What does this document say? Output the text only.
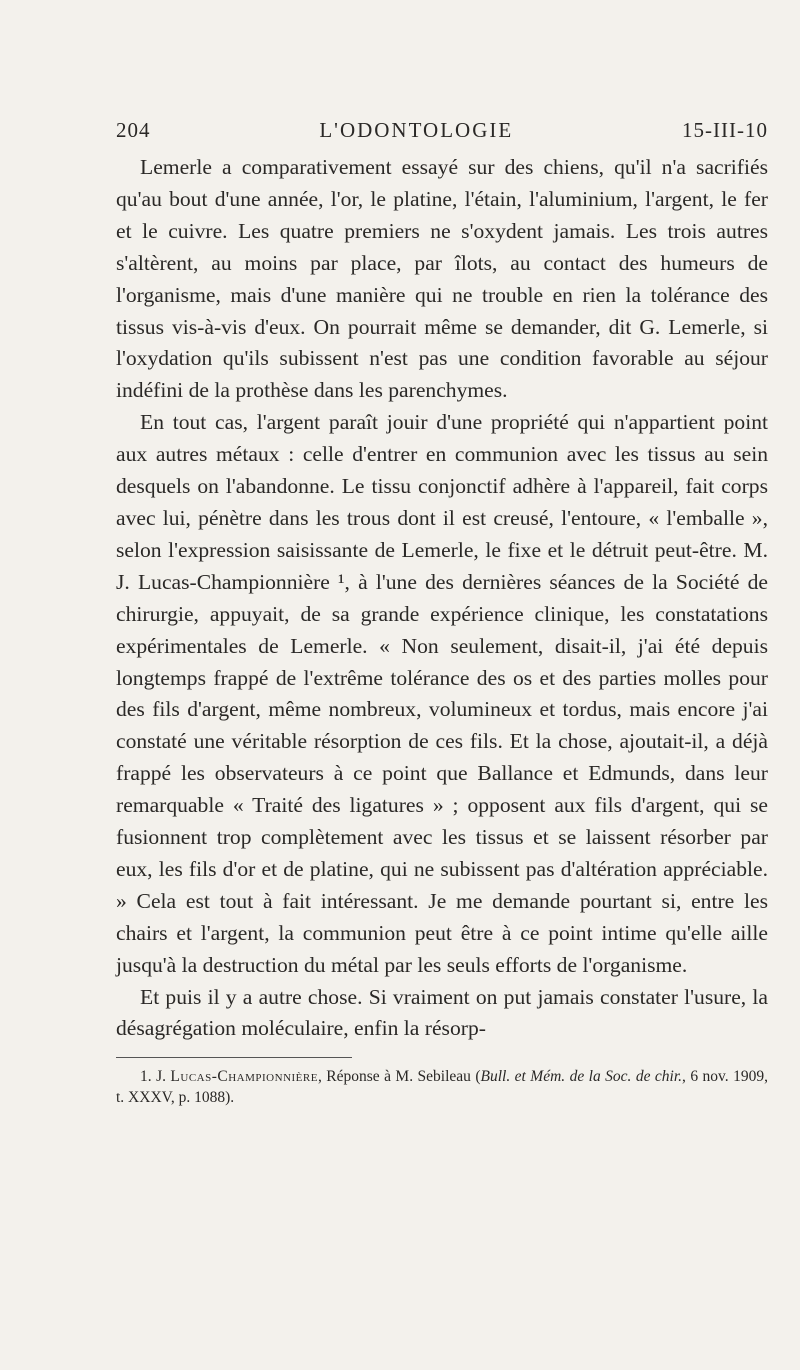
204	L'ODONTOLOGIE	15-III-10

Lemerle a comparativement essayé sur des chiens, qu'il n'a sacrifiés qu'au bout d'une année, l'or, le platine, l'étain, l'aluminium, l'argent, le fer et le cuivre. Les quatre premiers ne s'oxydent jamais. Les trois autres s'altèrent, au moins par place, par îlots, au contact des humeurs de l'organisme, mais d'une manière qui ne trouble en rien la tolérance des tissus vis-à-vis d'eux. On pourrait même se demander, dit G. Lemerle, si l'oxydation qu'ils subissent n'est pas une condition favorable au séjour indéfini de la prothèse dans les parenchymes.

En tout cas, l'argent paraît jouir d'une propriété qui n'appartient point aux autres métaux : celle d'entrer en communion avec les tissus au sein desquels on l'abandonne. Le tissu conjonctif adhère à l'appareil, fait corps avec lui, pénètre dans les trous dont il est creusé, l'entoure, « l'emballe », selon l'expression saisissante de Lemerle, le fixe et le détruit peut-être. M. J. Lucas-Championnière ¹, à l'une des dernières séances de la Société de chirurgie, appuyait, de sa grande expérience clinique, les constatations expérimentales de Lemerle. « Non seulement, disait-il, j'ai été depuis longtemps frappé de l'extrême tolérance des os et des parties molles pour des fils d'argent, même nombreux, volumineux et tordus, mais encore j'ai constaté une véritable résorption de ces fils. Et la chose, ajoutait-il, a déjà frappé les observateurs à ce point que Ballance et Edmunds, dans leur remarquable « Traité des ligatures » ; opposent aux fils d'argent, qui se fusionnent trop complètement avec les tissus et se laissent résorber par eux, les fils d'or et de platine, qui ne subissent pas d'altération appréciable. » Cela est tout à fait intéressant. Je me demande pourtant si, entre les chairs et l'argent, la communion peut être à ce point intime qu'elle aille jusqu'à la destruction du métal par les seuls efforts de l'organisme.

Et puis il y a autre chose. Si vraiment on put jamais constater l'usure, la désagrégation moléculaire, enfin la résorp-

1. J. Lucas-Championnière, Réponse à M. Sebileau (Bull. et Mém. de la Soc. de chir., 6 nov. 1909, t. XXXV, p. 1088).
